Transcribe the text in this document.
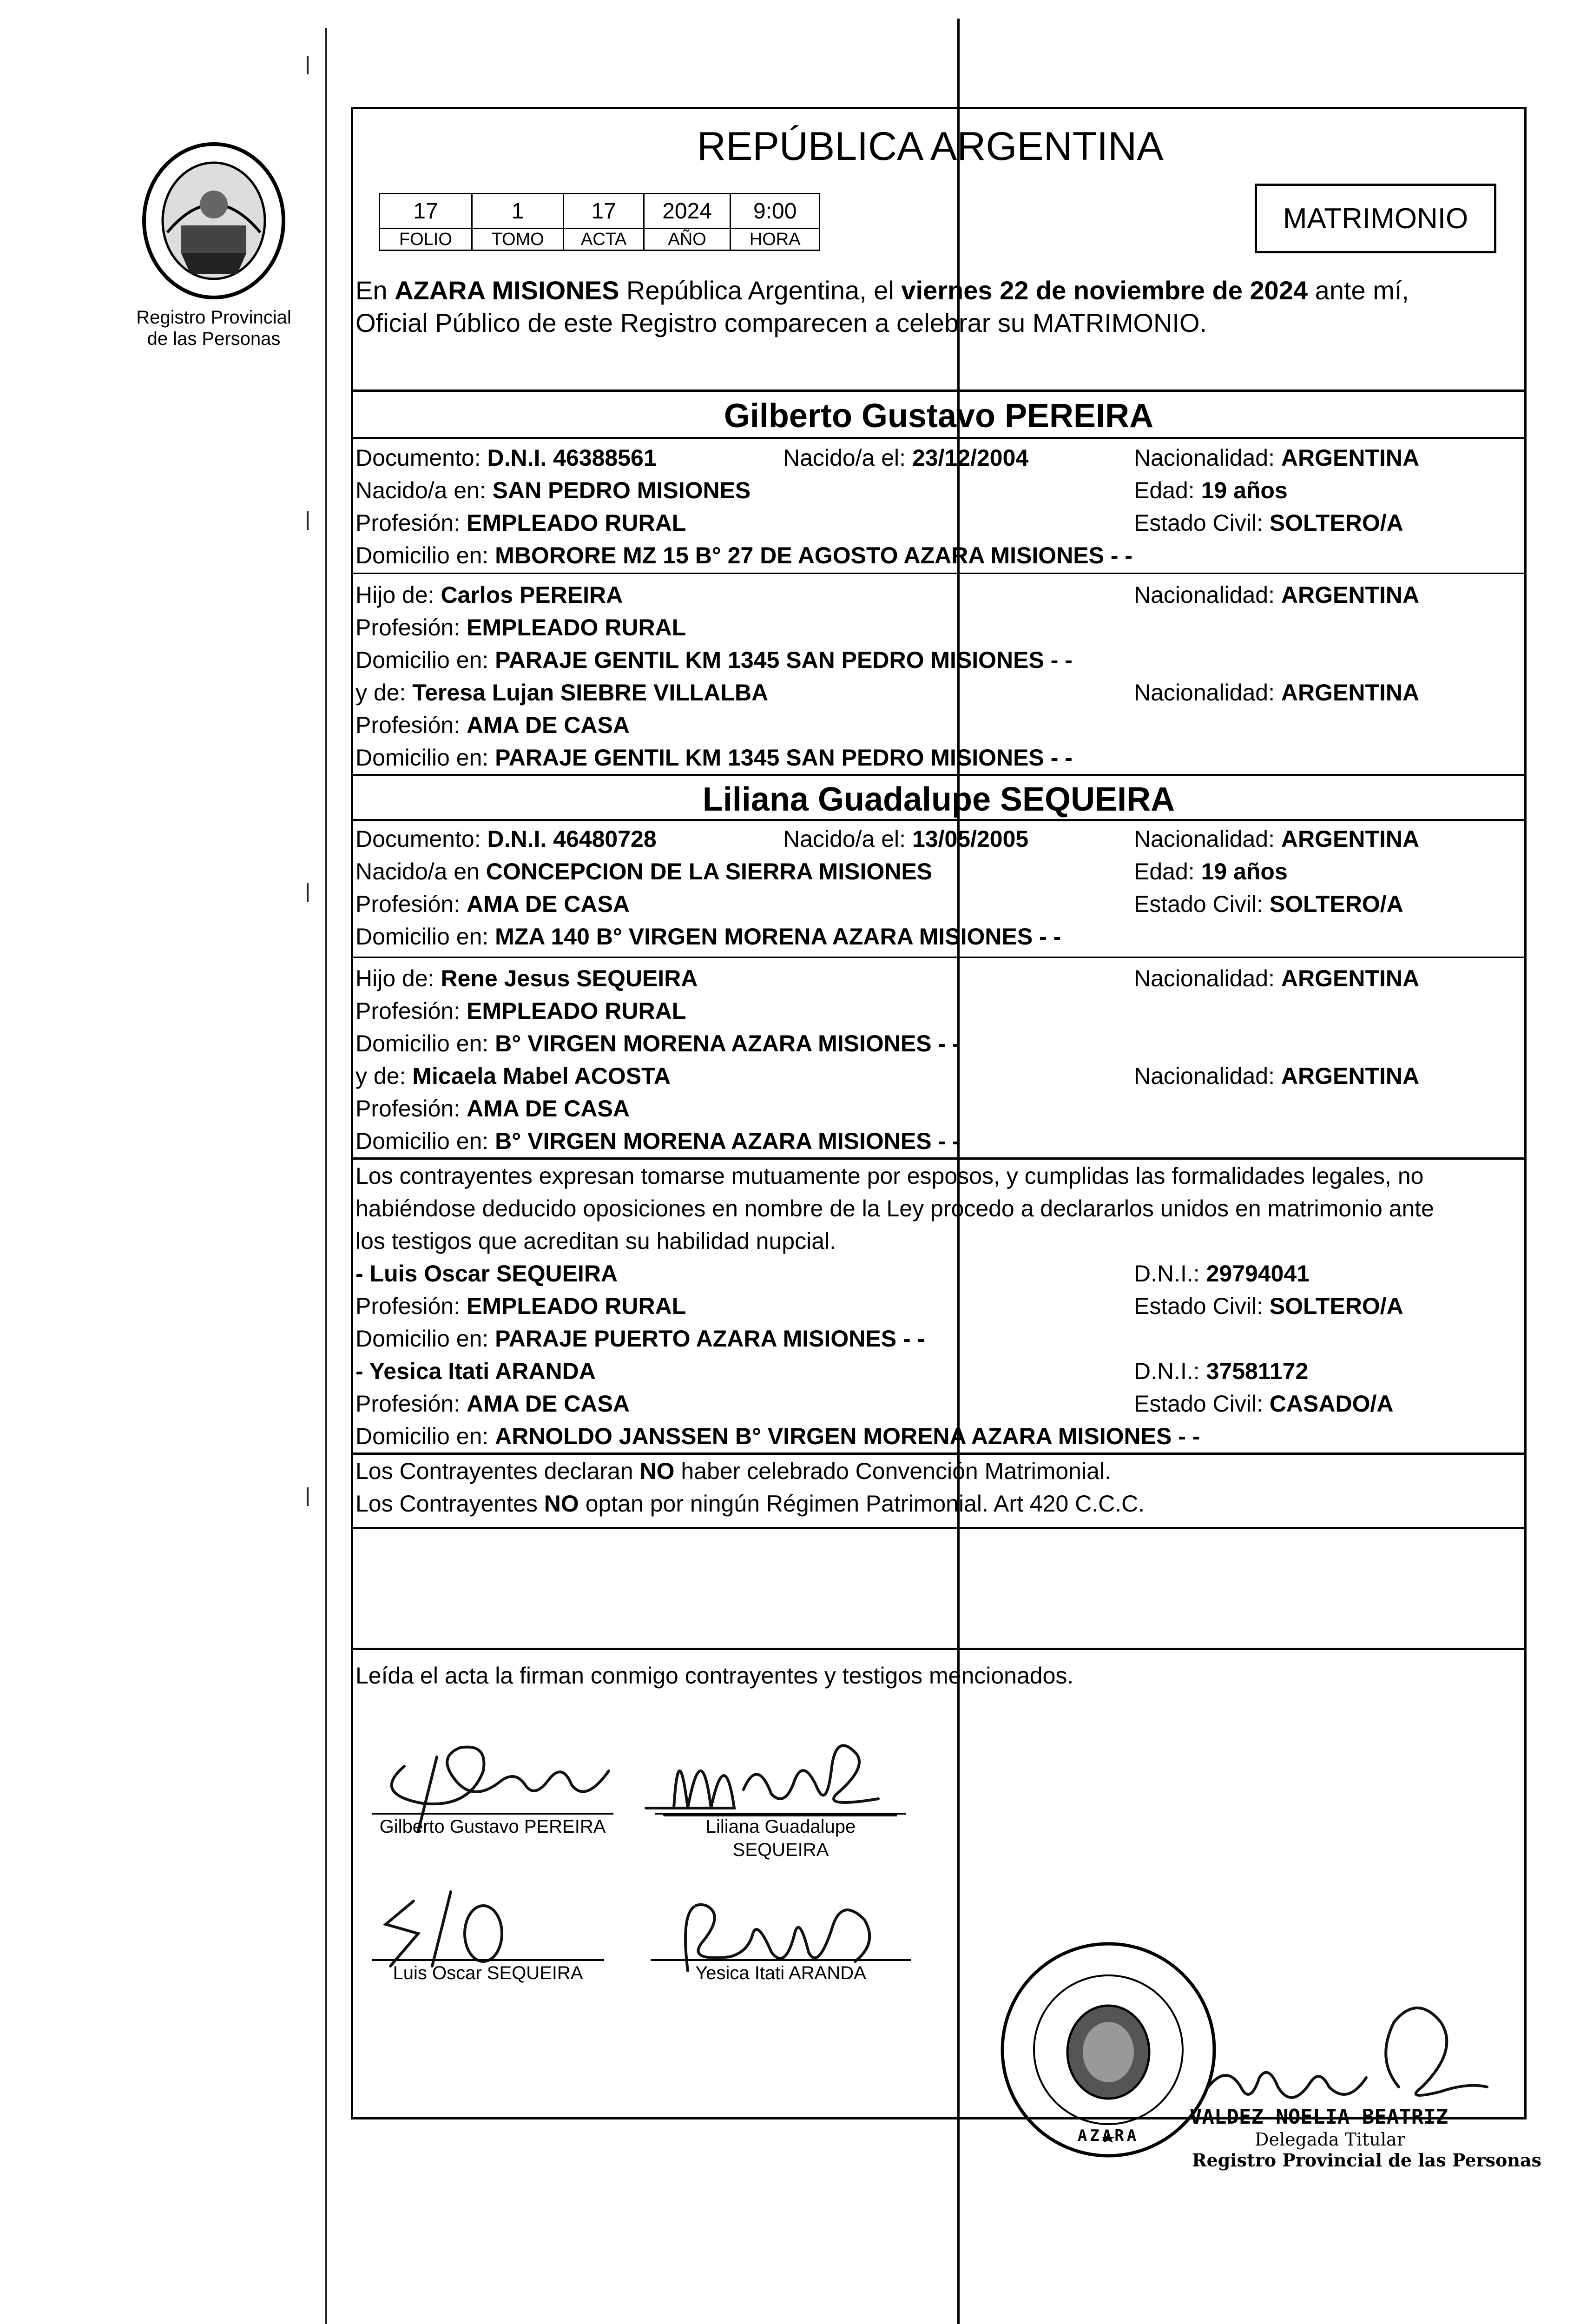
Registro Provincial
de las Personas
REPÚBLICA ARGENTINA
17	1	17	2024	9:00
FOLIO	TOMO	ACTA	AÑO	HORA
MATRIMONIO
En AZARA MISIONES República Argentina, el viernes 22 de noviembre de 2024 ante mí,
Oficial Público de este Registro comparecen a celebrar su MATRIMONIO.
Gilberto Gustavo PEREIRA
Documento: D.N.I. 46388561	Nacido/a el: 23/12/2004	Nacionalidad: ARGENTINA
Nacido/a en: SAN PEDRO MISIONES	Edad: 19 años
Profesión: EMPLEADO RURAL	Estado Civil: SOLTERO/A
Domicilio en: MBORORE MZ 15 B° 27 DE AGOSTO AZARA MISIONES - -
Hijo de: Carlos PEREIRA	Nacionalidad: ARGENTINA
Profesión: EMPLEADO RURAL
Domicilio en: PARAJE GENTIL KM 1345 SAN PEDRO MISIONES - -
y de: Teresa Lujan SIEBRE VILLALBA	Nacionalidad: ARGENTINA
Profesión: AMA DE CASA
Domicilio en: PARAJE GENTIL KM 1345 SAN PEDRO MISIONES - -
Liliana Guadalupe SEQUEIRA
Documento: D.N.I. 46480728	Nacido/a el: 13/05/2005	Nacionalidad: ARGENTINA
Nacido/a en CONCEPCION DE LA SIERRA MISIONES	Edad: 19 años
Profesión: AMA DE CASA	Estado Civil: SOLTERO/A
Domicilio en: MZA 140 B° VIRGEN MORENA AZARA MISIONES - -
Hijo de: Rene Jesus SEQUEIRA	Nacionalidad: ARGENTINA
Profesión: EMPLEADO RURAL
Domicilio en: B° VIRGEN MORENA AZARA MISIONES - -
y de: Micaela Mabel ACOSTA	Nacionalidad: ARGENTINA
Profesión: AMA DE CASA
Domicilio en: B° VIRGEN MORENA AZARA MISIONES - -
Los contrayentes expresan tomarse mutuamente por esposos, y cumplidas las formalidades legales, no
habiéndose deducido oposiciones en nombre de la Ley procedo a declararlos unidos en matrimonio ante
los testigos que acreditan su habilidad nupcial.
- Luis Oscar SEQUEIRA	D.N.I.: 29794041
Profesión: EMPLEADO RURAL	Estado Civil: SOLTERO/A
Domicilio en: PARAJE PUERTO AZARA MISIONES - -
- Yesica Itati ARANDA	D.N.I.: 37581172
Profesión: AMA DE CASA	Estado Civil: CASADO/A
Domicilio en: ARNOLDO JANSSEN B° VIRGEN MORENA AZARA MISIONES - -
Los Contrayentes declaran NO haber celebrado Convención Matrimonial.
Los Contrayentes NO optan por ningún Régimen Patrimonial. Art 420 C.C.C.
Leída el acta la firman conmigo contrayentes y testigos mencionados.
Gilberto Gustavo PEREIRA	Liliana Guadalupe
SEQUEIRA
Luis Oscar SEQUEIRA	Yesica Itati ARANDA
AZARA
VALDEZ NOELIA BEATRIZ
Delegada Titular
Registro Provincial de las Personas
